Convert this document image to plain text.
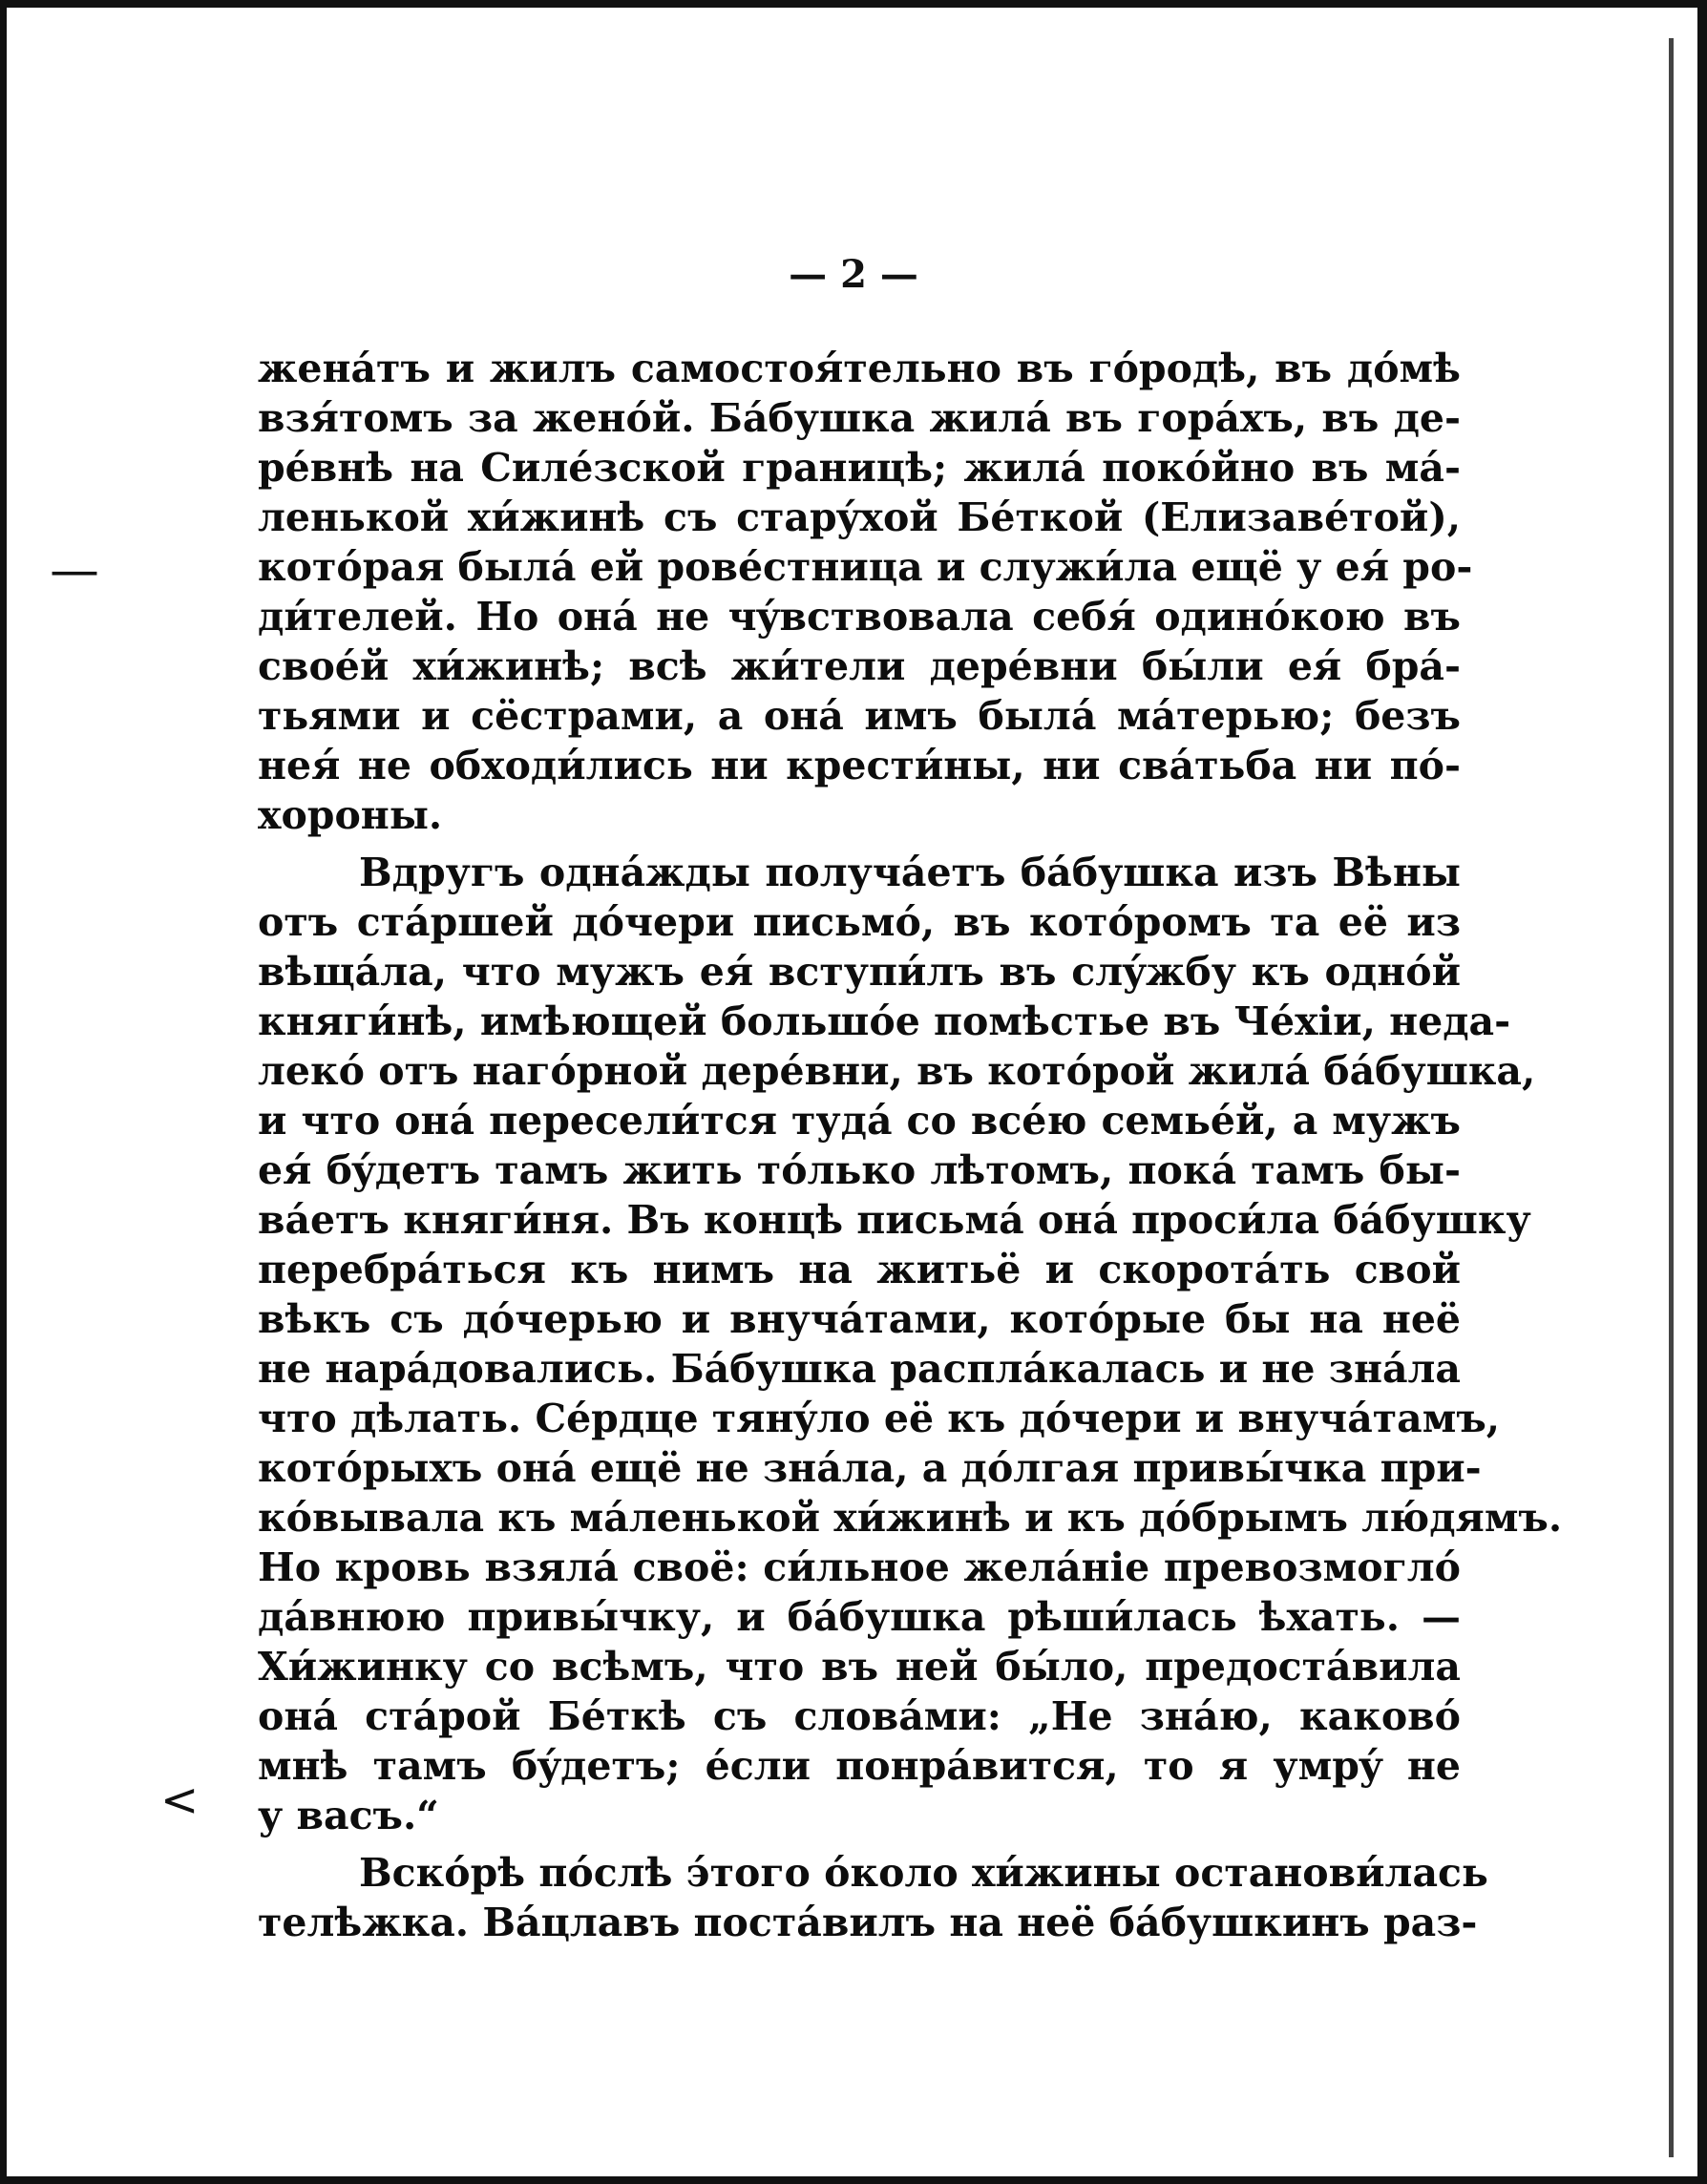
— 2 —
женáтъ и жилъ самостоя́тельно въ гóродѣ, въ дóмѣ
взя́томъ за женóй. Бáбушка жилá въ горáхъ, въ де-
рéвнѣ на Силéзской границѣ; жилá покóйно въ мá-
ленькой хи́жинѣ съ старýхой Бéткой (Елизавéтой),
котóрая былá ей ровéстница и служи́ла ещё у ея́ ро-
ди́телей. Но онá не чýвствовала себя́ одинóкою въ
своéй хи́жинѣ; всѣ жи́тели дерéвни бы́ли ея́ брá-
тьями и сёстрами, а онá имъ былá мáтерью; безъ
нея́ не обходи́лись ни крести́ны, ни свáтьба ни пó-
хороны.
Вдругъ однáжды получáетъ бáбушка изъ Вѣны
отъ стáршей дóчери письмó, въ котóромъ та её из
вѣщáла, что мужъ ея́ вступи́лъ въ слýжбу къ однóй
княги́нѣ, имѣющей большóе помѣстье въ Чéхіи, неда-
лекó отъ нагóрной дерéвни, въ котóрой жилá бáбушка,
и что онá пересели́тся тудá со всéю семьéй, а мужъ
ея́ бýдетъ тамъ жить тóлько лѣтомъ, покá тамъ бы-
вáетъ княги́ня. Въ концѣ письмá онá проси́ла бáбушку
перебрáться къ нимъ на житьё и скоротáть свой
вѣкъ съ дóчерью и внучáтами, котóрые бы на неё
не нарáдовались. Бáбушка расплáкалась и не знáла
что дѣлать. Сéрдце тянýло её къ дóчери и внучáтамъ,
котóрыхъ онá ещё не знáла, а дóлгая привы́чка при-
кóвывала къ мáленькой хи́жинѣ и къ дóбрымъ лю́дямъ.
Но кровь взялá своё: си́льное желáніе превозмоглó
дáвнюю привы́чку, и бáбушка рѣши́лась ѣхать. —
Хи́жинку со всѣмъ, что въ ней бы́ло, предостáвила
онá стáрой Бéткѣ съ словáми: „Не знáю, каковó
мнѣ тамъ бýдетъ; éсли понрáвится, то я умрý не
у васъ.“
Вскóрѣ пóслѣ э́того óколо хи́жины останови́лась
телѣжка. Вáцлавъ постáвилъ на неё бáбушкинъ раз-
—
<
